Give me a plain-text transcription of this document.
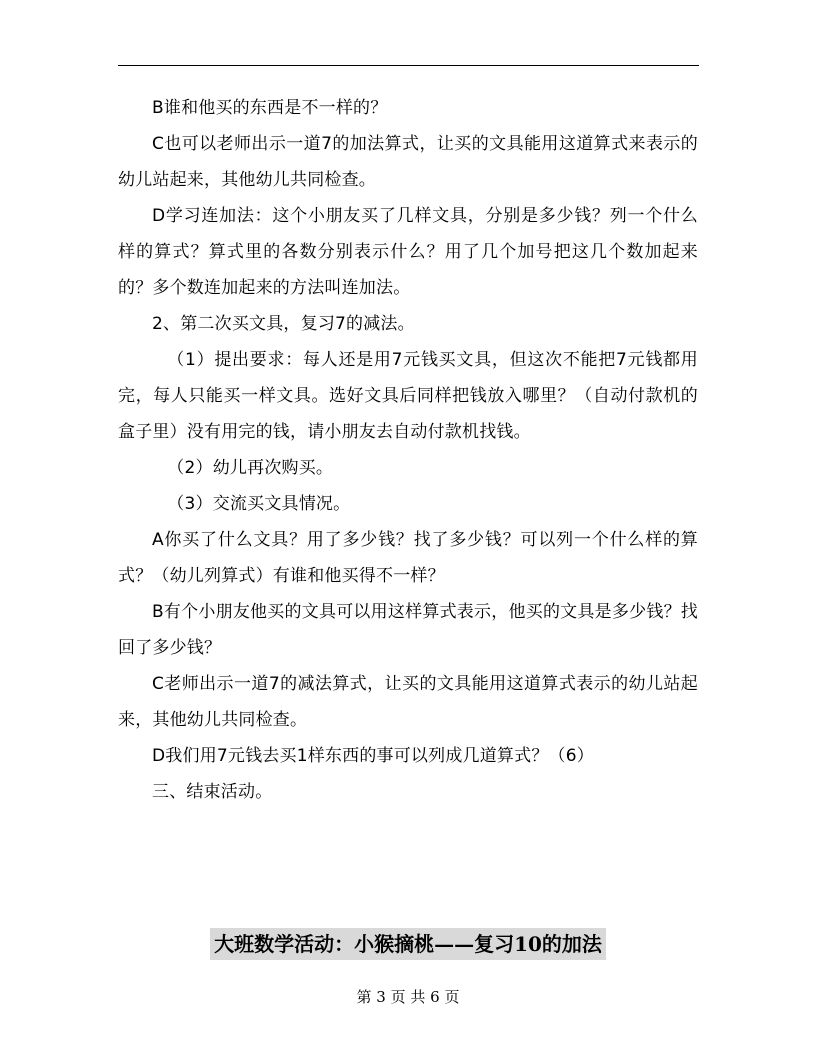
B谁和他买的东西是不一样的？

C也可以老师出示一道7的加法算式，让买的文具能用这道算式来表示的幼儿站起来，其他幼儿共同检查。

D学习连加法：这个小朋友买了几样文具，分别是多少钱？列一个什么样的算式？算式里的各数分别表示什么？用了几个加号把这几个数加起来的？多个数连加起来的方法叫连加法。

2、第二次买文具，复习7的减法。

（1）提出要求：每人还是用7元钱买文具，但这次不能把7元钱都用完，每人只能买一样文具。选好文具后同样把钱放入哪里？（自动付款机的盒子里）没有用完的钱，请小朋友去自动付款机找钱。

（2）幼儿再次购买。

（3）交流买文具情况。

A你买了什么文具？用了多少钱？找了多少钱？可以列一个什么样的算式？（幼儿列算式）有谁和他买得不一样？

B有个小朋友他买的文具可以用这样算式表示，他买的文具是多少钱？找回了多少钱？

C老师出示一道7的减法算式，让买的文具能用这道算式表示的幼儿站起来，其他幼儿共同检查。

D我们用7元钱去买1样东西的事可以列成几道算式？（6）

三、结束活动。

大班数学活动：小猴摘桃——复习10的加法
第 3 页 共 6 页
